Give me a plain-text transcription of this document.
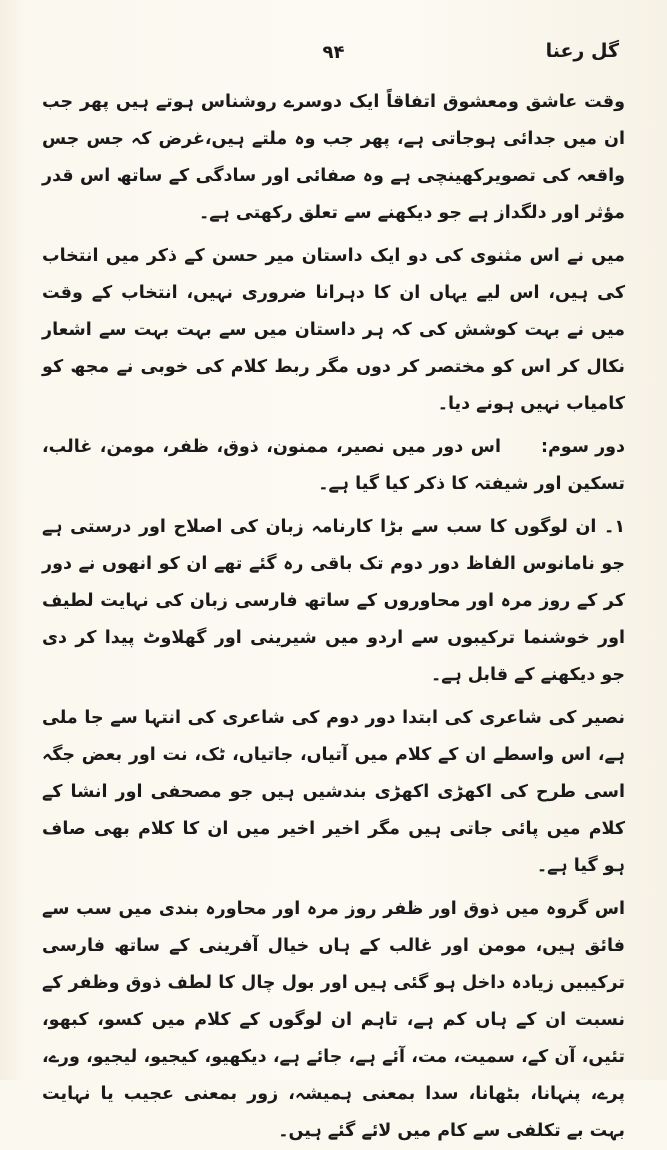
گل رعنا
۹۴

وقت عاشق ومعشوق اتفاقاً ایک دوسرے روشناس ہوتے ہیں پھر جب ان میں جدائی ہوجاتی ہے، پھر جب وہ ملتے ہیں،غرض کہ جس جس واقعہ کی تصویرکھینچی ہے وہ صفائی اور سادگی کے ساتھ اس قدر مؤثر اور دلگداز ہے جو دیکھنے سے تعلق رکھتی ہے۔

میں نے اس مثنوی کی دو ایک داستان میر حسن کے ذکر میں انتخاب کی ہیں، اس لیے یہاں ان کا دہرانا ضروری نہیں، انتخاب کے وقت میں نے بہت کوشش کی کہ ہر داستان میں سے بہت بہت سے اشعار نکال کر اس کو مختصر کر دوں مگر ربط کلام کی خوبی نے مجھ کو کامیاب نہیں ہونے دیا۔

دور سوم:اس دور میں نصیر، ممنون، ذوق، ظفر، مومن، غالب، تسکین اور شیفتہ کا ذکر کیا گیا ہے۔

۱۔ ان لوگوں کا سب سے بڑا کارنامہ زبان کی اصلاح اور درستی ہے جو نامانوس الفاظ دور دوم تک باقی رہ گئے تھے ان کو انھوں نے دور کر کے روز مرہ اور محاوروں کے ساتھ فارسی زبان کی نہایت لطیف اور خوشنما ترکیبوں سے اردو میں شیرینی اور گھلاوٹ پیدا کر دی جو دیکھنے کے قابل ہے۔

نصیر کی شاعری کی ابتدا دور دوم کی شاعری کی انتہا سے جا ملی ہے، اس واسطے ان کے کلام میں آتیاں، جاتیاں، ٹک، نت اور بعض جگہ اسی طرح کی اکھڑی اکھڑی بندشیں ہیں جو مصحفی اور انشا کے کلام میں پائی جاتی ہیں مگر اخیر اخیر میں ان کا کلام بھی صاف ہو گیا ہے۔

اس گروہ میں ذوق اور ظفر روز مرہ اور محاورہ بندی میں سب سے فائق ہیں، مومن اور غالب کے ہاں خیال آفرینی کے ساتھ فارسی ترکیبیں زیادہ داخل ہو گئی ہیں اور بول چال کا لطف ذوق وظفر کے نسبت ان کے ہاں کم ہے، تاہم ان لوگوں کے کلام میں کسو، کبھو، تئیں، آن کے، سمیت، مت، آئے ہے، جائے ہے، دیکھیو، کیجیو، لیجیو، ورے، پرے، پنہانا، بٹھانا، سدا بمعنی ہمیشہ، زور بمعنی عجیب یا نہایت بہت بے تکلفی سے کام میں لائے گئے ہیں۔
